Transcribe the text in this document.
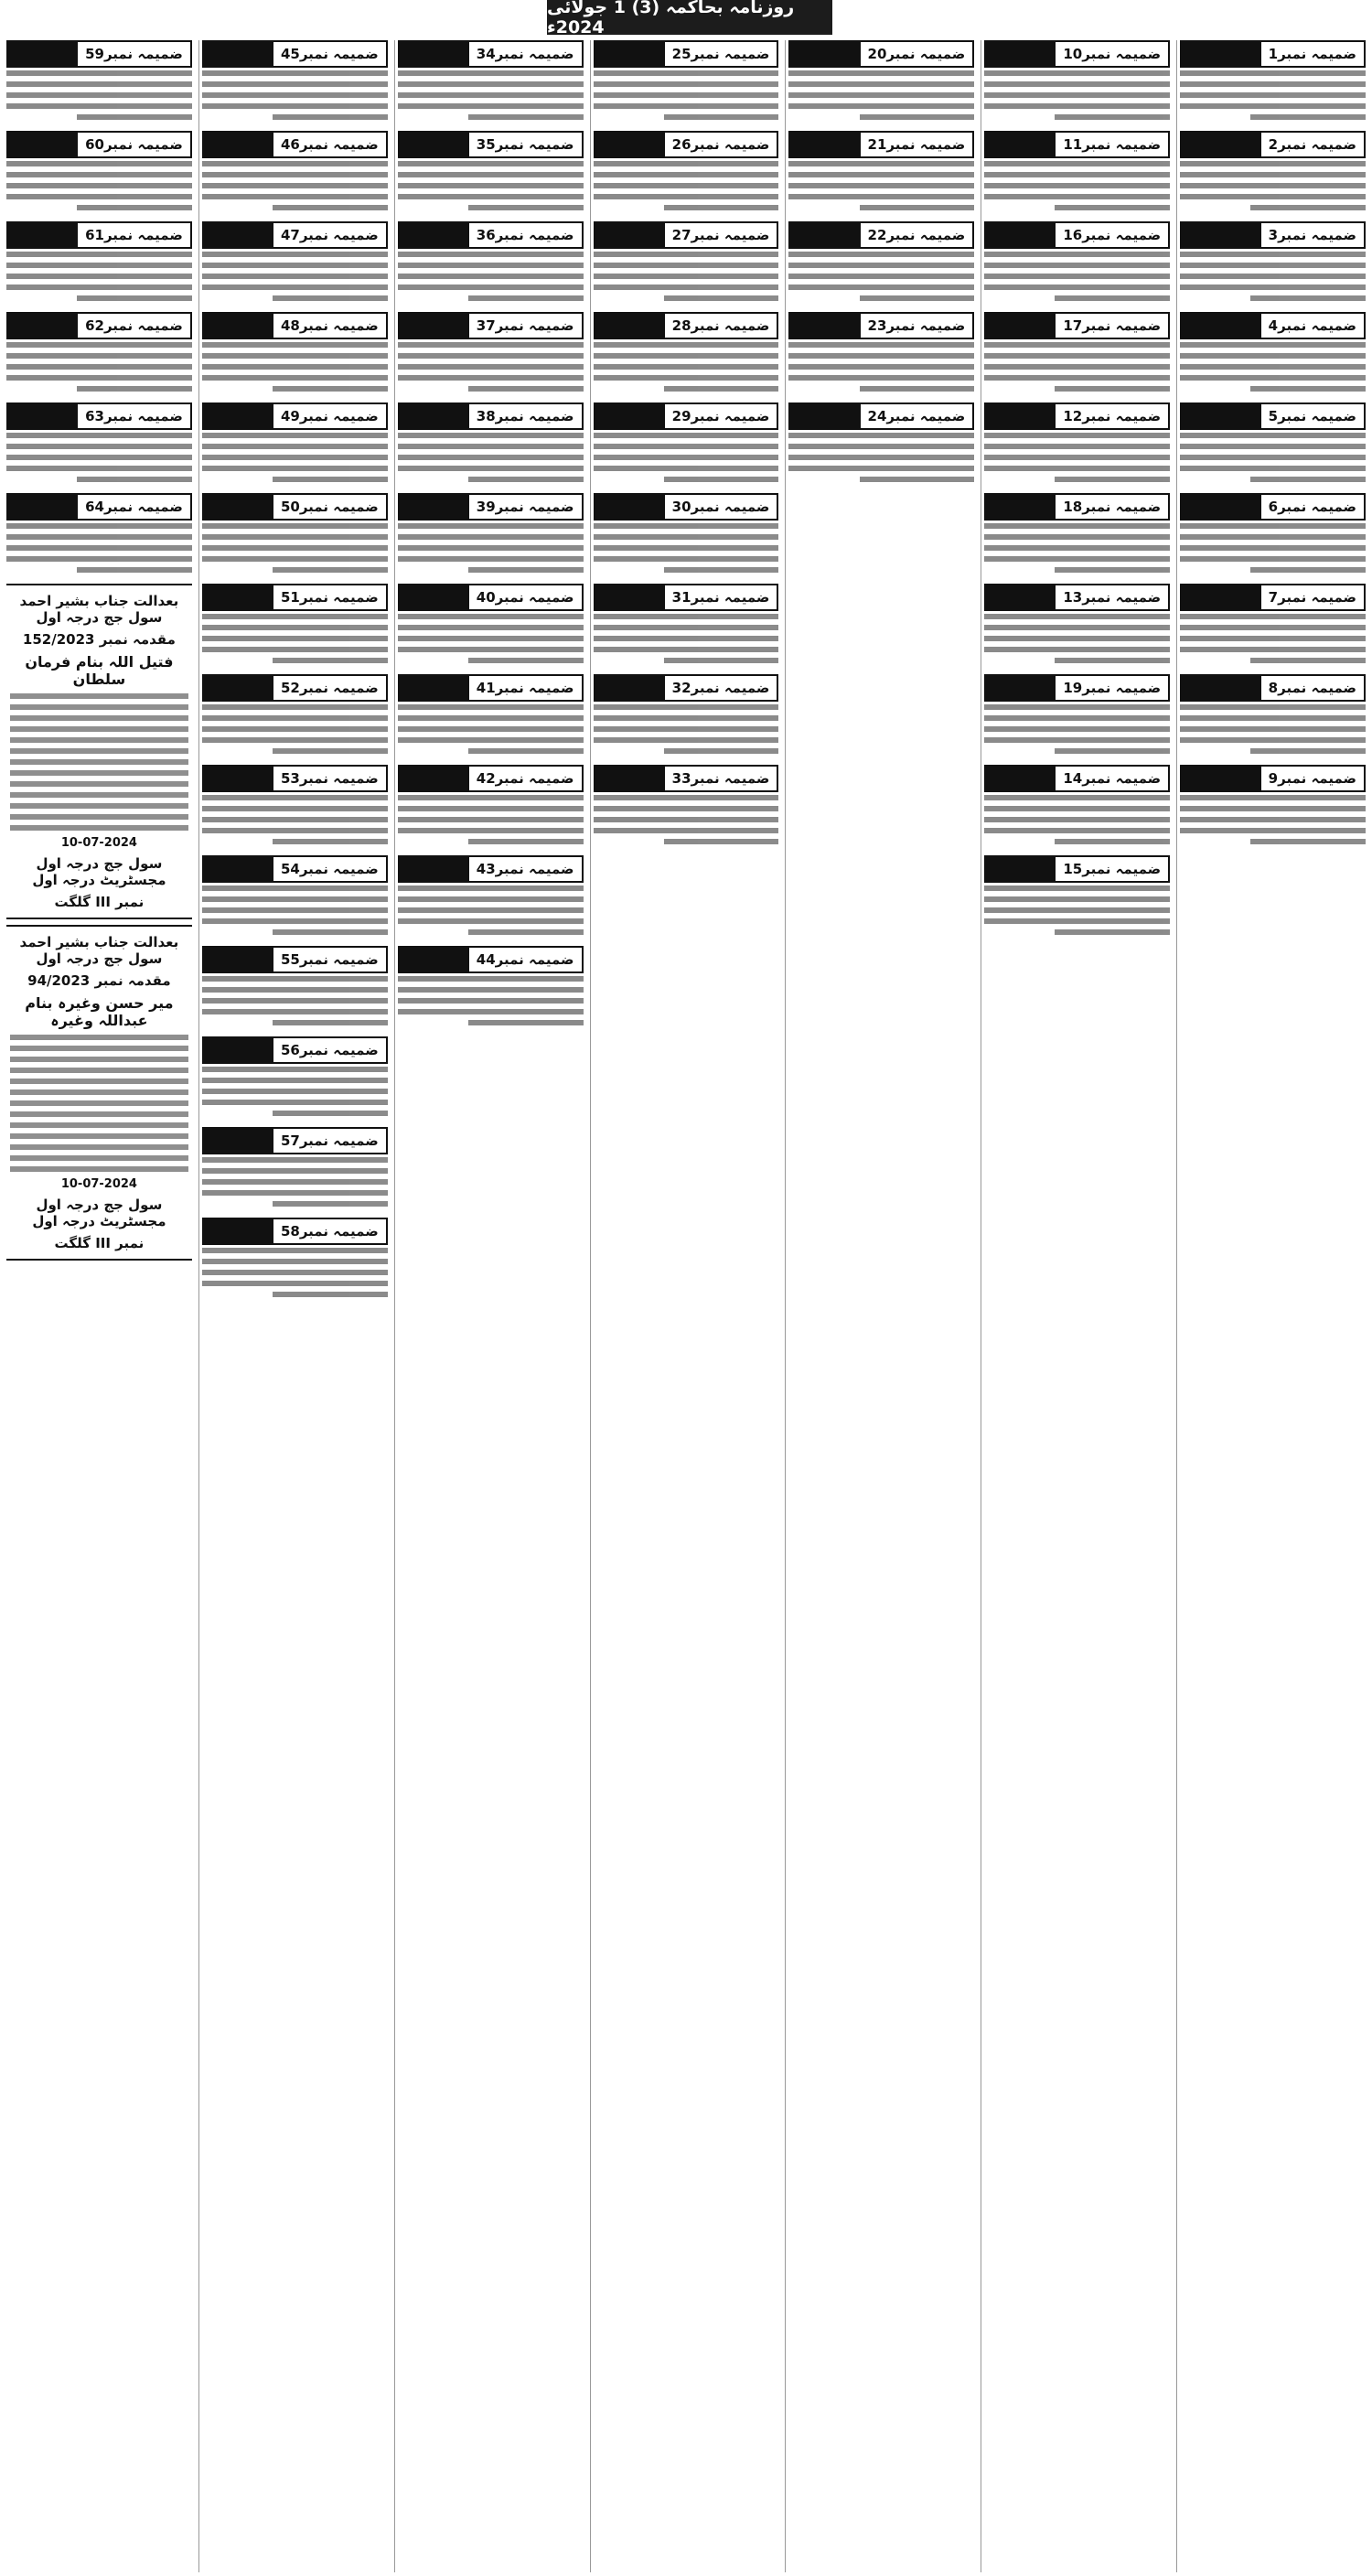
روزنامہ بحاکمہ (3) 1 جولائی 2024ء
ضمیمہ نمبر1
ضمیمہ نمبر2
ضمیمہ نمبر3
ضمیمہ نمبر4
ضمیمہ نمبر5
ضمیمہ نمبر6
ضمیمہ نمبر7
ضمیمہ نمبر8
ضمیمہ نمبر9
ضمیمہ نمبر10
ضمیمہ نمبر11
ضمیمہ نمبر16
ضمیمہ نمبر17
ضمیمہ نمبر12
ضمیمہ نمبر18
ضمیمہ نمبر13
ضمیمہ نمبر19
ضمیمہ نمبر14
ضمیمہ نمبر15
ضمیمہ نمبر20
ضمیمہ نمبر21
ضمیمہ نمبر22
ضمیمہ نمبر23
ضمیمہ نمبر24
ضمیمہ نمبر25
ضمیمہ نمبر26
ضمیمہ نمبر27
ضمیمہ نمبر28
ضمیمہ نمبر29
ضمیمہ نمبر30
ضمیمہ نمبر31
ضمیمہ نمبر32
ضمیمہ نمبر33
ضمیمہ نمبر34
ضمیمہ نمبر35
ضمیمہ نمبر36
ضمیمہ نمبر37
ضمیمہ نمبر38
ضمیمہ نمبر39
ضمیمہ نمبر40
ضمیمہ نمبر41
ضمیمہ نمبر42
ضمیمہ نمبر43
ضمیمہ نمبر44
ضمیمہ نمبر45
ضمیمہ نمبر46
ضمیمہ نمبر47
ضمیمہ نمبر48
ضمیمہ نمبر49
ضمیمہ نمبر50
ضمیمہ نمبر51
ضمیمہ نمبر52
ضمیمہ نمبر53
ضمیمہ نمبر54
ضمیمہ نمبر55
ضمیمہ نمبر56
ضمیمہ نمبر57
ضمیمہ نمبر58
ضمیمہ نمبر59
ضمیمہ نمبر60
ضمیمہ نمبر61
ضمیمہ نمبر62
ضمیمہ نمبر63
ضمیمہ نمبر64
بعدالت جناب بشیر احمد سول جج درجہ اول
مقدمہ نمبر 152/2023
فتیل اللہ بنام فرمان سلطان
10-07-2024
سول جج درجہ اول مجسٹریٹ درجہ اول
نمبر III گلگت
بعدالت جناب بشیر احمد سول جج درجہ اول
مقدمہ نمبر 94/2023
میر حسن وغیرہ بنام عبداللہ وغیرہ
10-07-2024
سول جج درجہ اول مجسٹریٹ درجہ اول
نمبر III گلگت
